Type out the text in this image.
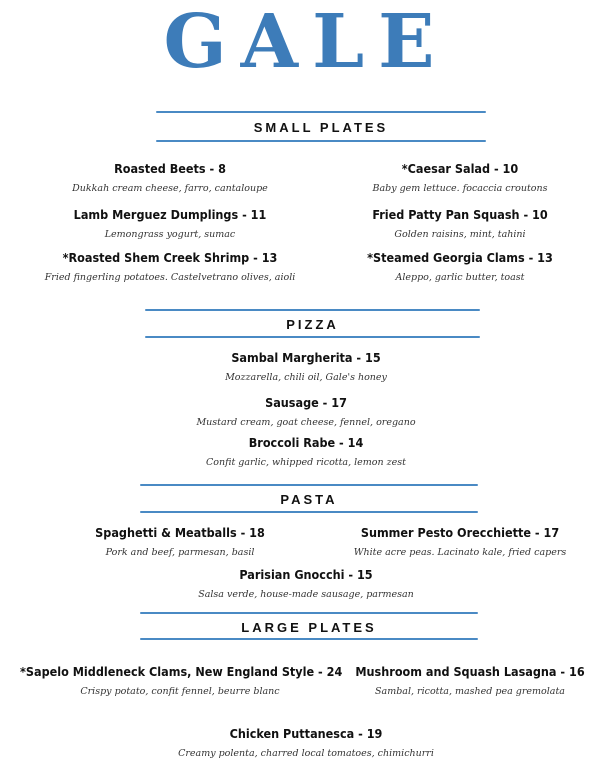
GALE
SMALL PLATES
Roasted Beets - 8
Dukkah cream cheese, farro, cantaloupe
*Caesar Salad - 10
Baby gem lettuce. focaccia croutons
Lamb Merguez Dumplings - 11
Lemongrass yogurt, sumac
Fried Patty Pan Squash - 10
Golden raisins, mint, tahini
*Roasted Shem Creek Shrimp - 13
Fried fingerling potatoes. Castelvetrano olives, aioli
*Steamed Georgia Clams - 13
Aleppo, garlic butter, toast
PIZZA
Sambal Margherita - 15
Mozzarella, chili oil, Gale's honey
Sausage - 17
Mustard cream, goat cheese, fennel, oregano
Broccoli Rabe - 14
Confit garlic, whipped ricotta, lemon zest
PASTA
Spaghetti & Meatballs - 18
Pork and beef, parmesan, basil
Summer Pesto Orecchiette - 17
White acre peas. Lacinato kale, fried capers
Parisian Gnocchi - 15
Salsa verde, house-made sausage, parmesan
LARGE PLATES
*Sapelo Middleneck Clams, New England Style - 24
Crispy potato, confit fennel, beurre blanc
Mushroom and Squash Lasagna - 16
Sambal, ricotta, mashed pea gremolata
Chicken Puttanesca - 19
Creamy polenta, charred local tomatoes, chimichurri
